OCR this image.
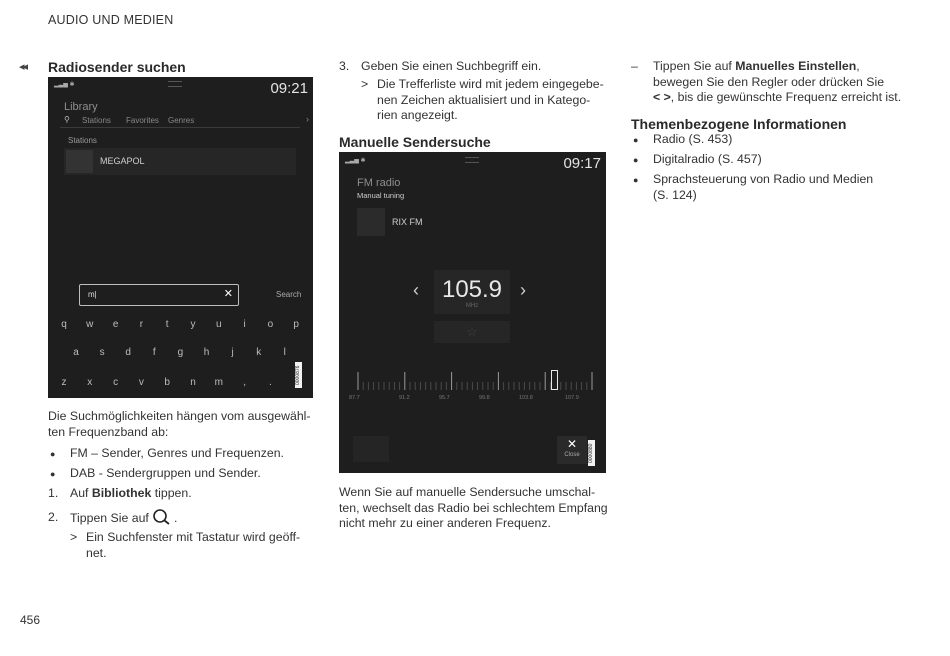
AUDIO UND MEDIEN
456
◂◂ Radiosender suchen
▂▃▅ ✱	09:21
Library
⚲ Stations Favorites Genres	›
Stations
MEGAPOL
m|	✕	Search
q	w	e	r	t	y	u	i	o	p
a	s	d	f	g	h	j	k	l
z	x	c	v	b	n	m	,	.	0000876
Die Suchmöglichkeiten hängen vom ausgewähl-
ten Frequenzband ab:
● FM – Sender, Genres und Frequenzen.
● DAB - Sendergruppen und Sender.
1. Auf Bibliothek tippen.
2. Tippen Sie auf .
> Ein Suchfenster mit Tastatur wird geöff-
net.
3. Geben Sie einen Suchbegriff ein.
> Die Trefferliste wird mit jedem eingegebe-
nen Zeichen aktualisiert und in Katego-
rien angezeigt.
Manuelle Sendersuche
▂▃▅ ✱	09:17
FM radio
Manual tuning
RIX FM
‹ 105.9
MHz
›
☆
87.7	91.2	95.7	99.8	103.8	107.9
✕
Close	0000880
Wenn Sie auf manuelle Sendersuche umschal-
ten, wechselt das Radio bei schlechtem Empfang
nicht mehr zu einer anderen Frequenz.
– Tippen Sie auf Manuelles Einstellen,
bewegen Sie den Regler oder drücken Sie
< >, bis die gewünschte Frequenz erreicht ist.
Themenbezogene Informationen
● Radio (S. 453)
● Digitalradio (S. 457)
● Sprachsteuerung von Radio und Medien
(S. 124)
